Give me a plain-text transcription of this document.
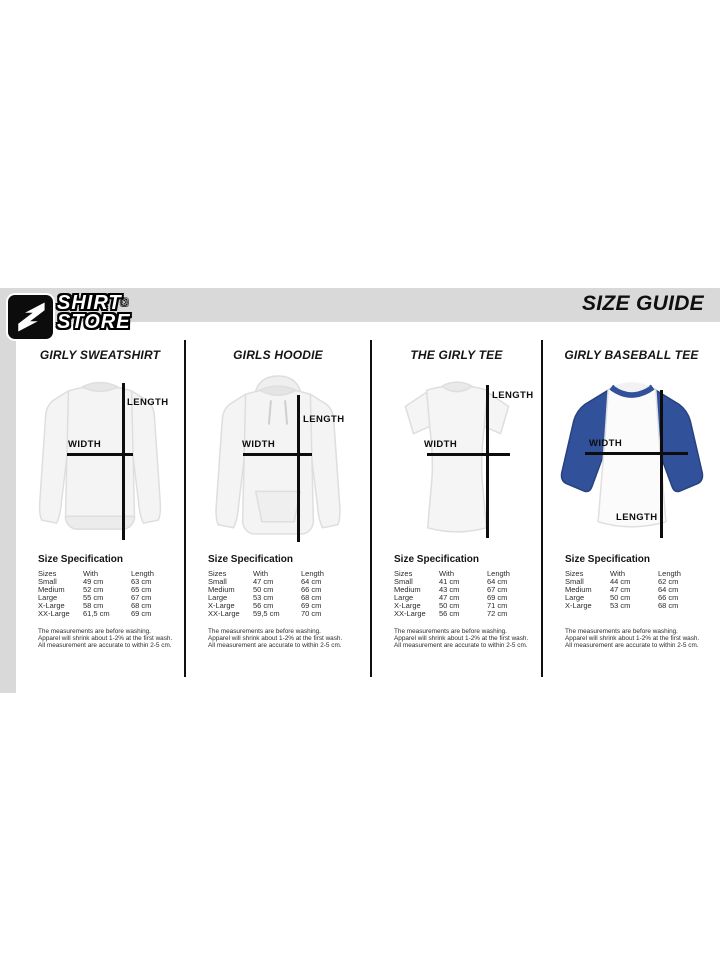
SHIRT®
STORE
SIZE GUIDE
GIRLY SWEATSHIRT
LENGTH
WIDTH
Size Specification
Sizes	With	Length
Small	49 cm	63 cm
Medium	52 cm	65 cm
Large	55 cm	67 cm
X-Large	58 cm	68 cm
XX-Large	61,5 cm	69 cm
The measurements are before washing.
Apparel will shrink about 1-2% at the first wash.
All measurement are accurate to within 2-5 cm.
GIRLS HOODIE
LENGTH
WIDTH
Size Specification
Sizes	With	Length
Small	47 cm	64 cm
Medium	50 cm	66 cm
Large	53 cm	68 cm
X-Large	56 cm	69 cm
XX-Large	59,5 cm	70 cm
The measurements are before washing.
Apparel will shrink about 1-2% at the first wash.
All measurement are accurate to within 2-5 cm.
THE GIRLY TEE
LENGTH
WIDTH
Size Specification
Sizes	With	Length
Small	41 cm	64 cm
Medium	43 cm	67 cm
Large	47 cm	69 cm
X-Large	50 cm	71 cm
XX-Large	56 cm	72 cm
The measurements are before washing.
Apparel will shrink about 1-2% at the first wash.
All measurement are accurate to within 2-5 cm.
GIRLY BASEBALL TEE
WIDTH
LENGTH
Size Specification
Sizes	With	Length
Small	44 cm	62 cm
Medium	47 cm	64 cm
Large	50 cm	66 cm
X-Large	53 cm	68 cm
The measurements are before washing.
Apparel will shrink about 1-2% at the first wash.
All measurement are accurate to within 2-5 cm.
